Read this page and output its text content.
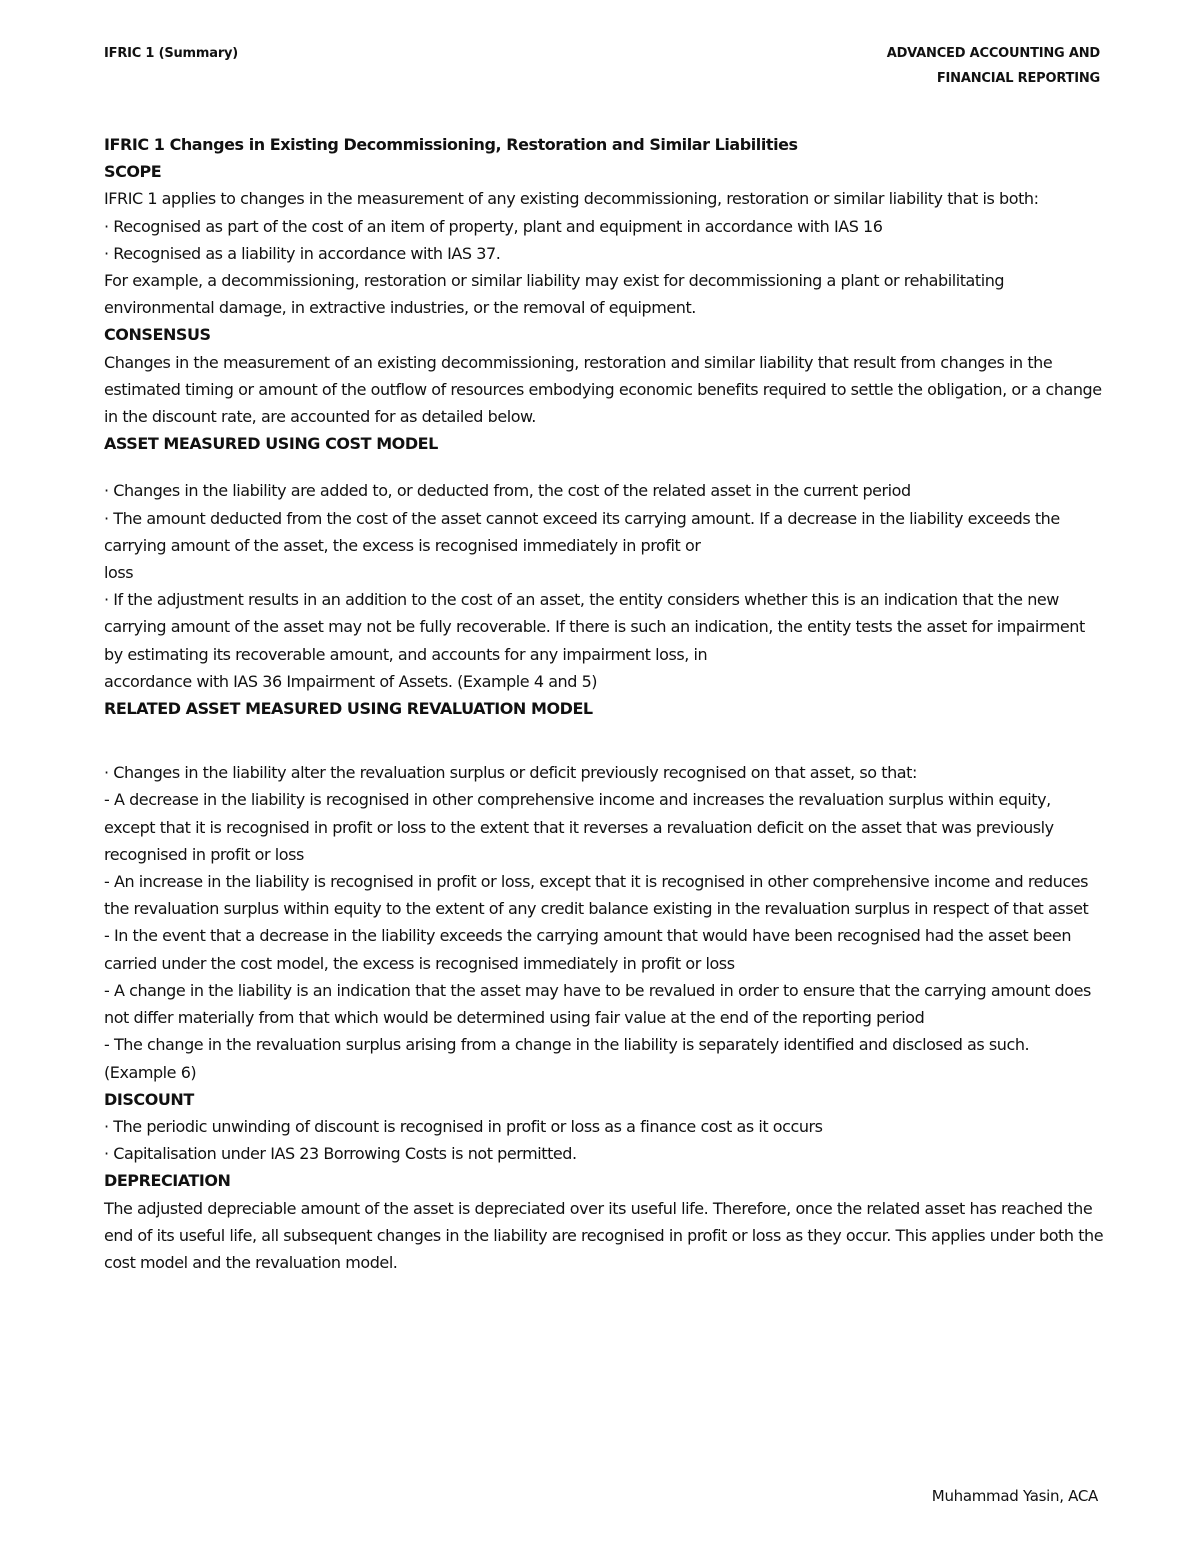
IFRIC 1 (Summary)	ADVANCED ACCOUNTING AND
FINANCIAL REPORTING

IFRIC 1 Changes in Existing Decommissioning, Restoration and Similar Liabilities

SCOPE

IFRIC 1 applies to changes in the measurement of any existing decommissioning, restoration or similar liability that is both:

· Recognised as part of the cost of an item of property, plant and equipment in accordance with IAS 16

· Recognised as a liability in accordance with IAS 37.

For example, a decommissioning, restoration or similar liability may exist for decommissioning a plant or rehabilitating environmental damage, in extractive industries, or the removal of equipment.

CONSENSUS

Changes in the measurement of an existing decommissioning, restoration and similar liability that result from changes in the estimated timing or amount of the outflow of resources embodying economic benefits required to settle the obligation, or a change in the discount rate, are accounted for as detailed below.

ASSET MEASURED USING COST MODEL

· Changes in the liability are added to, or deducted from, the cost of the related asset in the current period

· The amount deducted from the cost of the asset cannot exceed its carrying amount. If a decrease in the liability exceeds the carrying amount of the asset, the excess is recognised immediately in profit or

loss

· If the adjustment results in an addition to the cost of an asset, the entity considers whether this is an indication that the new carrying amount of the asset may not be fully recoverable. If there is such an indication, the entity tests the asset for impairment by estimating its recoverable amount, and accounts for any impairment loss, in

accordance with IAS 36 Impairment of Assets. (Example 4 and 5)

RELATED ASSET MEASURED USING REVALUATION MODEL

· Changes in the liability alter the revaluation surplus or deficit previously recognised on that asset, so that:

- A decrease in the liability is recognised in other comprehensive income and increases the revaluation surplus within equity, except that it is recognised in profit or loss to the extent that it reverses a revaluation deficit on the asset that was previously recognised in profit or loss

- An increase in the liability is recognised in profit or loss, except that it is recognised in other comprehensive income and reduces the revaluation surplus within equity to the extent of any credit balance existing in the revaluation surplus in respect of that asset

- In the event that a decrease in the liability exceeds the carrying amount that would have been recognised had the asset been carried under the cost model, the excess is recognised immediately in profit or loss

- A change in the liability is an indication that the asset may have to be revalued in order to ensure that the carrying amount does not differ materially from that which would be determined using fair value at the end of the reporting period

- The change in the revaluation surplus arising from a change in the liability is separately identified and disclosed as such. (Example 6)

DISCOUNT

· The periodic unwinding of discount is recognised in profit or loss as a finance cost as it occurs

· Capitalisation under IAS 23 Borrowing Costs is not permitted.

DEPRECIATION

The adjusted depreciable amount of the asset is depreciated over its useful life. Therefore, once the related asset has reached the end of its useful life, all subsequent changes in the liability are recognised in profit or loss as they occur. This applies under both the cost model and the revaluation model.

Muhammad Yasin, ACA
